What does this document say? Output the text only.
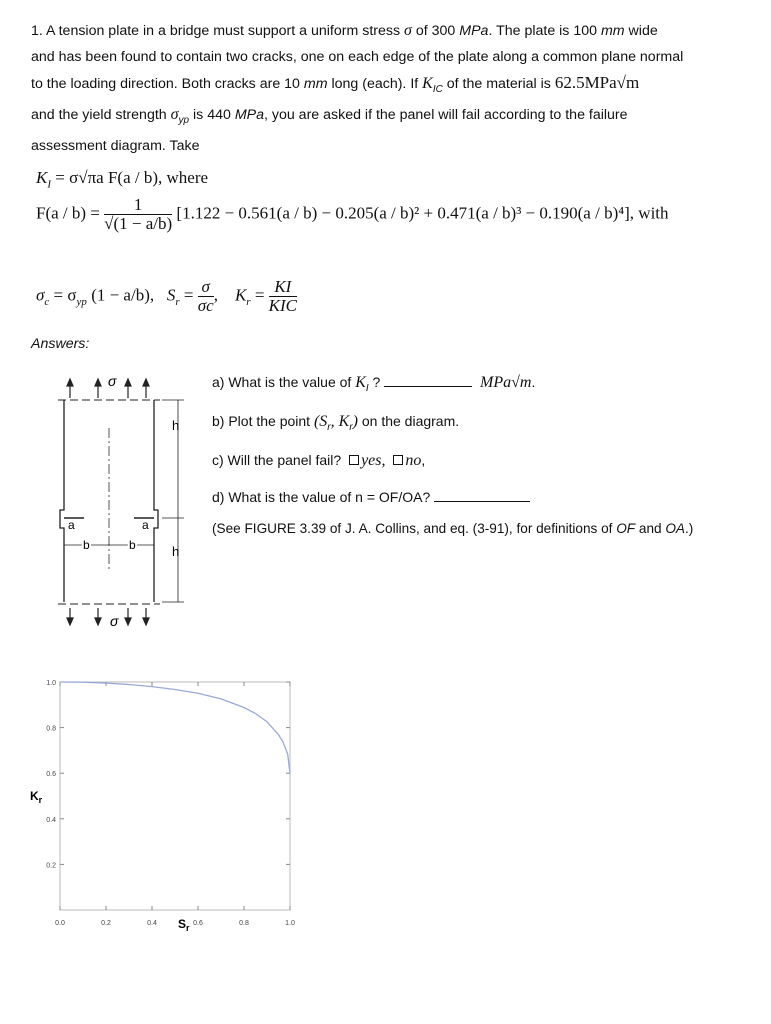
1. A tension plate in a bridge must support a uniform stress σ of 300 MPa. The plate is 100 mm wide

and has been found to contain two cracks, one on each edge of the plate along a common plane normal

to the loading direction. Both cracks are 10 mm long (each). If $K_{IC}$ of the material is 62.5MPa√m

and the yield strength $\sigma_{yp}$ is 440 MPa, you are asked if the panel will fail according to the failure

assessment diagram. Take

$K_I = \sigma√\pi a$ F(a / b), where
$F(a / b) = \frac{1}{√(1 - a/b)} [1.122 - 0.561(a / b) - 0.205(a / b)^2 + 0.471(a / b)^3 - 0.190(a / b)^4]$, with
$\sigma_c = \sigma_{yp}$ (1 − a/b), $S_r = \frac{\sigma}{\sigma c}$ ,    $K_r = \frac{KI}{\text{KIC}}$
Answers:
σ
a	a
b	b
h
h
σ
a) What is the value of $K_I$ ?	MPa√m.
b) Plot the point ($S_r$, $K_r$) on the diagram.
c) Will the panel fail? yes, no,
d) What is the value of n = OF/OA?
(See FIGURE 3.39 of J. A. Collins, and eq. (3-91), for definitions of OF and OA.)
0.0	0.2	0.4	0.6	0.8	1.0
0.2
0.4
0.6
0.8
1.0
$S_r$
$K_r$
